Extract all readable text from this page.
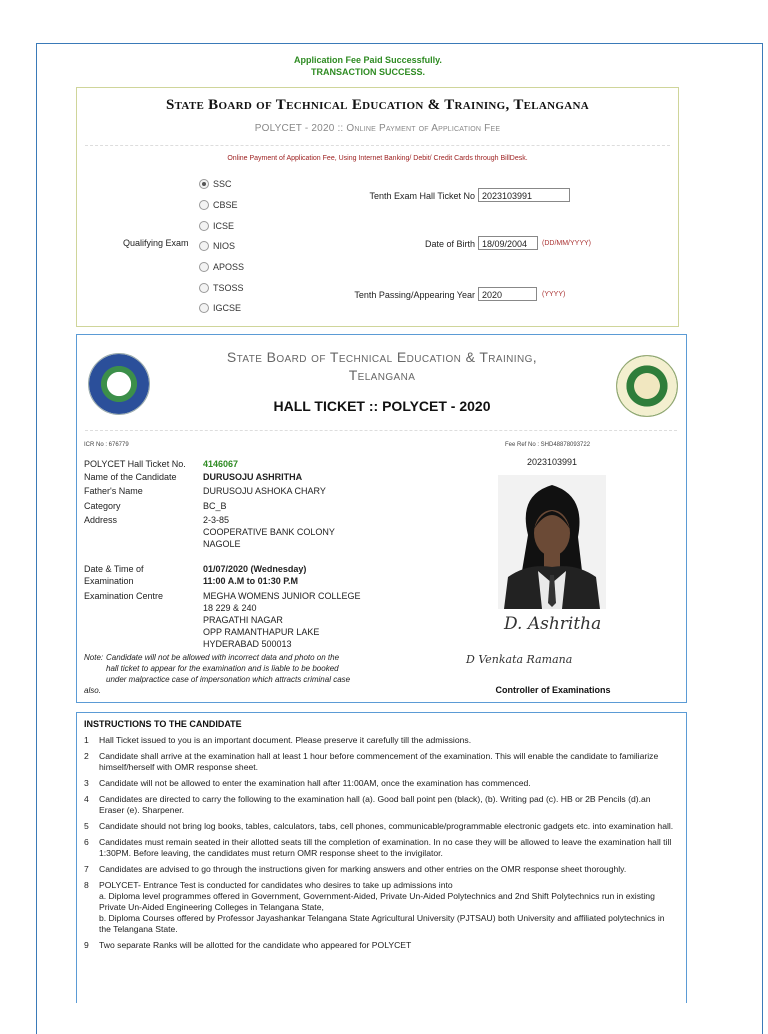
Application Fee Paid Successfully.
TRANSACTION SUCCESS.
State Board of Technical Education & Training, Telangana
POLYCET - 2020 :: Online Payment of Application Fee
Online Payment of Application Fee, Using Internet Banking/ Debit/ Credit Cards through BillDesk.
Qualifying Exam
SSC
CBSE
ICSE
NIOS
APOSS
TSOSS
IGCSE
Tenth Exam Hall Ticket No 2023103991
Date of Birth 18/09/2004	(DD/MM/YYYY)
Tenth Passing/Appearing Year 2020	(YYYY)
State Board of Technical Education & Training, Telangana
HALL TICKET :: POLYCET - 2020
ICR No : 676779	Fee Ref No : SHD48878093722
2023103991
POLYCET Hall Ticket No. 4146067
Name of the Candidate	DURUSOJU ASHRITHA
Father's Name	DURUSOJU ASHOKA CHARY
Category	BC_B
Address	2-3-85
COOPERATIVE BANK COLONY
NAGOLE
Date & Time of
Examination
01/07/2020 (Wednesday)
11:00 A.M to 01:30 P.M
Examination Centre	MEGHA WOMENS JUNIOR COLLEGE
18 229 & 240
PRAGATHI NAGAR
OPP RAMANTHAPUR LAKE
HYDERABAD 500013
D. Ashritha
D Venkata Ramana
Controller of Examinations
Note: Candidate will not be allowed with incorrect data and photo on the
hall ticket to appear for the examination and is liable to be booked
under malpractice case of impersonation which attracts criminal case
also.
INSTRUCTIONS TO THE CANDIDATE
1	Hall Ticket issued to you is an important document. Please preserve it carefully till the admissions.
2	Candidate shall arrive at the examination hall at least 1 hour before commencement of the examination. This will enable the candidate to familiarize himself/herself with OMR response sheet.
3	Candidate will not be allowed to enter the examination hall after 11:00AM, once the examination has commenced.
4	Candidates are directed to carry the following to the examination hall (a). Good ball point pen (black), (b). Writing pad (c). HB or 2B Pencils (d).an Eraser (e). Sharpener.
5	Candidate should not bring log books, tables, calculators, tabs, cell phones, communicable/programmable electronic gadgets etc. into examination hall.
6	Candidates must remain seated in their allotted seats till the completion of examination. In no case they will be allowed to leave the examination hall till 1:30PM. Before leaving, the candidates must return OMR response sheet to the invigilator.
7	Candidates are advised to go through the instructions given for marking answers and other entries on the OMR response sheet thoroughly.
8	POLYCET- Entrance Test is conducted for candidates who desires to take up admissions into
a. Diploma level programmes offered in Government, Government-Aided, Private Un-Aided Polytechnics and 2nd Shift Polytechnics run in existing Private Un-Aided Engineering Colleges in Telangana State,
b. Diploma Courses offered by Professor Jayashankar Telangana State Agricultural University (PJTSAU) both University and affiliated polytechnics in the Telangana State.
9	Two separate Ranks will be allotted for the candidate who appeared for POLYCET
